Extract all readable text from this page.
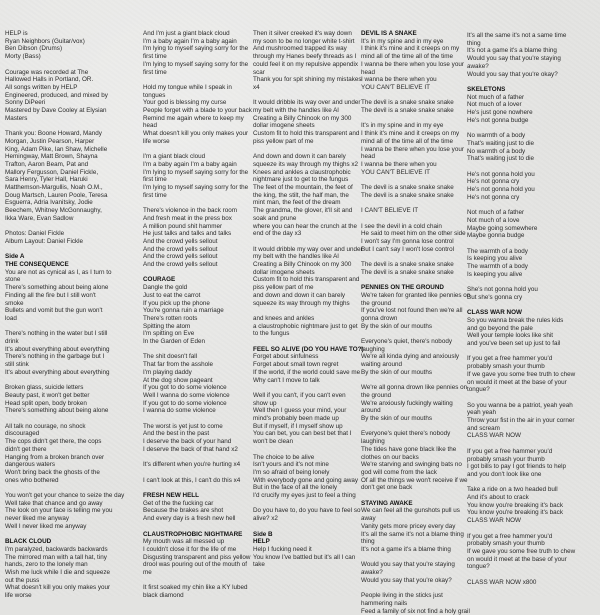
HELP is
Ryan Neighbors (Guitar/vox)
Ben Dibson (Drums)
Morty (Bass)
Courage was recorded at The
Hallowed Halls in Portland, OR.
All songs written by HELP
Engineered, produced, and mixed by
Sonny DiPeeri
Mastered by Dave Cooley at Elysian
Masters
Thank you: Boone Howard, Mandy
Morgan, Justin Pearson, Harper
King, Adam Pike, Ian Shaw, Michelle
Hemingway, Matt Brown, Shayna
Trafton, Aaron Beam, Pat and
Mallory Fergusson, Daniel Fickle,
Sara Henry, Tyler Hall, Haruki
Matthemson-Margullis, Noah O.M.,
Doug Martsch, Lauren Poole, Teresa
Esguerra, Adria Ivanitsky, Jodie
Beechem, Whitney McGonnaughy,
Ikka Ware, Evan Sadlow
Photos: Daniel Fickle
Album Layout: Daniel Fickle
Side A
THE CONSEQUENCE
You are not as cynical as I, as I turn to
stone
There's something about being alone
Finding all the fire but I still won't
smoke
Bullets and vomit but the gun won't
load
There's nothing in the water but I still
drink
It's about everything about everything
There's nothing in the garbage but I
still stink
It's about everything about everything
Broken glass, suicide letters
Beauty past, it won't get better
Head split open, body broken
There's something about being alone
All talk no courage, no shock
discouraged
The cops didn't get there, the cops
didn't get there
Hanging from a broken branch over
dangerous waters
Won't bring back the ghosts of the
ones who bothered
You won't get your chance to seize the day
Well take that chance and go away
The look on your face is telling me you
never liked me anyway
Well I never liked me anyway
BLACK CLOUD
I'm paralyzed, backwards backwards
The mirrored man with a tall hat, tiny
hands, zero to the lonely man
Wish me luck while I die and squeeze
out the puss
What doesn't kill you only makes your
life worse
And I'm just a giant black cloud
I'm a baby again I'm a baby again
I'm lying to myself saying sorry for the
first time
I'm lying to myself saying sorry for the
first time
Hold my tongue while I speak in
tongues
Your god is blessing my curse
People forget with a blade to your back
Remind me again where to keep my
head
What doesn't kill you only makes your
life worse
I'm a giant black cloud
I'm a baby again I'm a baby again
I'm lying to myself saying sorry for the
first time
I'm lying to myself saying sorry for the
first time
There's violence in the back room
And fresh meat in the press box
A million pound shit hammer
He just talks and talks and talks
And the crowd yells sellout
And the crowd yells sellout
And the crowd yells sellout
And the crowd yells sellout
COURAGE
Dangle the gold
Just to eat the carrot
If you pick up the phone
You're gonna ruin a marriage
There's rotten roots
Spitting the atom
I'm spitting on Eve
In the Garden of Eden
The shit doesn't fall
That far from the asshole
I'm playing daddy
At the dog show pageant
If you got to do some violence
Well I wanna do some violence
If you got to do some violence
I wanna do some violence
The worst is yet just to come
And the best in the past
I deserve the back of your hand
I deserve the back of that hand x2
It's different when you're hurting x4
I can't look at this, I can't do this x4
FRESH NEW HELL
Get of the the fucking car
Because the brakes are shot
And every day is a fresh new hell
CLAUSTROPHOBIC NIGHTMARE
My mouth was all messed up
I couldn't close it for the life of me
Disgusting transparent and piss yellow
drool was pouring out of the mouth of
me
It first soaked my chin like a KY lubed
black diamond
Then it silver creeked it's way down
my soon to be no longer white t-shirt
And mushroomed trapped its way
through my Hanes beefy threads as I
could feel it on my repulsive appendix
scar
Thank you for spit shining my mistakes
x4
It would dribble its way over and under
my belt with the handles like Al
Creating a Billy Chinook on my 300
dollar imogene sheets
Custom fit to hold this transparent and
piss yellow part of me
And down and down it can barely
squeeze its way through my thighs x2
Knees and ankles a claustrophobic
nightmare just to get to the fungus
The feet of the mountain, the feet of
the king, the stilt, the half man, the
mint man, the feet of the dream
The grandma, the glover, it'll sit and
soak and prune
where you can hear the crunch at the
end of the day x3
It would dribble my way over and under
my belt with the handles like Al
Creating a Billy Chinook on my 300
dollar imogene sheets
Custom fit to hold this transparent and
piss yellow part of me
and down and down it can barely
squeeze its way through my thighs
and knees and ankles
a claustrophobic nightmare just to get
to the fungus
FEEL SO ALIVE (DO YOU HAVE TO?)
Forget about sinfulness
Forget about small town regret
If the world, if the world could save me
Why can't I move to talk
Well if you can't, if you can't even
show up
Well then I guess your mind, your
mind's probably been made up
But if myself, if I myself show up
You can bet, you can best bet that I
won't be clean
The choice to be alive
Isn't yours and it's not mine
I'm so afraid of being lonely
With everybody gone and going away
But in the face of all the lonely
I'd crucify my eyes just to feel a thing
Do you have to, do you have to feel so
alive? x2
Side B
HELP
Help I fucking need it
You know I've battled but it's all I can
take
DEVIL IS A SNAKE
It's in my spine and in my eye
I think it's mine and it creeps on my
mind all of the time all of the time
I wanna be there when you lose your
head
I wanna be there when you
YOU CAN'T BELIEVE IT
The devil is a snake snake snake
The devil is a snake snake snake
It's in my spine and in my eye
I think it's mine and it creeps on my
mind all of the time all of the time
I wanna be there when you lose your
head
I wanna be there when you
YOU CAN'T BELIEVE IT
The devil is a snake snake snake
The devil is a snake snake snake
I CAN'T BELIEVE IT
I see the devil in a cold chain
He said to meet him on the other side
I won't say I'm gonna lose control
But I can't say I won't lose control
The devil is a snake snake snake
The devil is a snake snake snake
PENNIES ON THE GROUND
We're taken for granted like pennies on
the ground
If you've lost not found then we're all
gonna drown
By the skin of our mouths
Everyone's quiet, there's nobody
laughing
We're all kinda dying and anxiously
waiting around
By the skin of our mouths
We're all gonna drown like pennies on
the ground
We're anxiously fuckingly waiting
around
By the skin of our mouths
Everyone's quiet there's nobody
laughing
The tides have gone black like the
clothes on our backs
We're starving and swinging bats no
god will come from the lack
Of all the things we won't receive if we
don't get one back
STAYING AWAKE
We can feel all the gunshots pull us
away
Vanity gets more pricey every day
It's all the same it's not a blame thing
thing
It's not a game it's a blame thing
Would you say that you're staying
awake?
Would you say that you're okay?
People living in the sticks just
hammering nails
Feed a family of six not find a holy grail
It's all the same it's not a same time
thing
It's not a game it's a blame thing
Would you say that you're staying
awake?
Would you say that you're okay?
SKELETONS
Not much of a father
Not much of a lover
He's just gone nowhere
He's not gonna budge
No warmth of a body
That's waiting just to die
No warmth of a body
That's waiting just to die
He's not gonna hold you
He's not gonna cry
He's not gonna hold you
He's not gonna cry
Not much of a father
Not much of a love
Maybe going somewhere
Maybe gonna budge
The warmth of a body
Is keeping you alive
The warmth of a body
Is keeping you alive
She's not gonna hold you
But she's gonna cry
CLASS WAR NOW
So you wanna break the rules kids
and go beyond the pale
Well your temple looks like shit
and you've been set up just to fail
If you get a free hammer you'd
probably smash your thumb
If we gave you some free truth to chew
on would it meet at the base of your
tongue?
So you wanna be a patriot, yeah yeah
yeah yeah
Throw your fist in the air in your corner
and scream
CLASS WAR NOW
If you get a free hammer you'd
probably smash your thumb
I got bills to pay I got friends to help
and you don't look like one
Take a ride on a two headed bull
And it's about to crack
You know you're breaking it's back
You know you're breaking it's back
CLASS WAR NOW
If you get a free hammer you'd
probably smash your thumb
If we gave you some free truth to chew
on would it meet at the base of your
tongue?
CLASS WAR NOW x800
